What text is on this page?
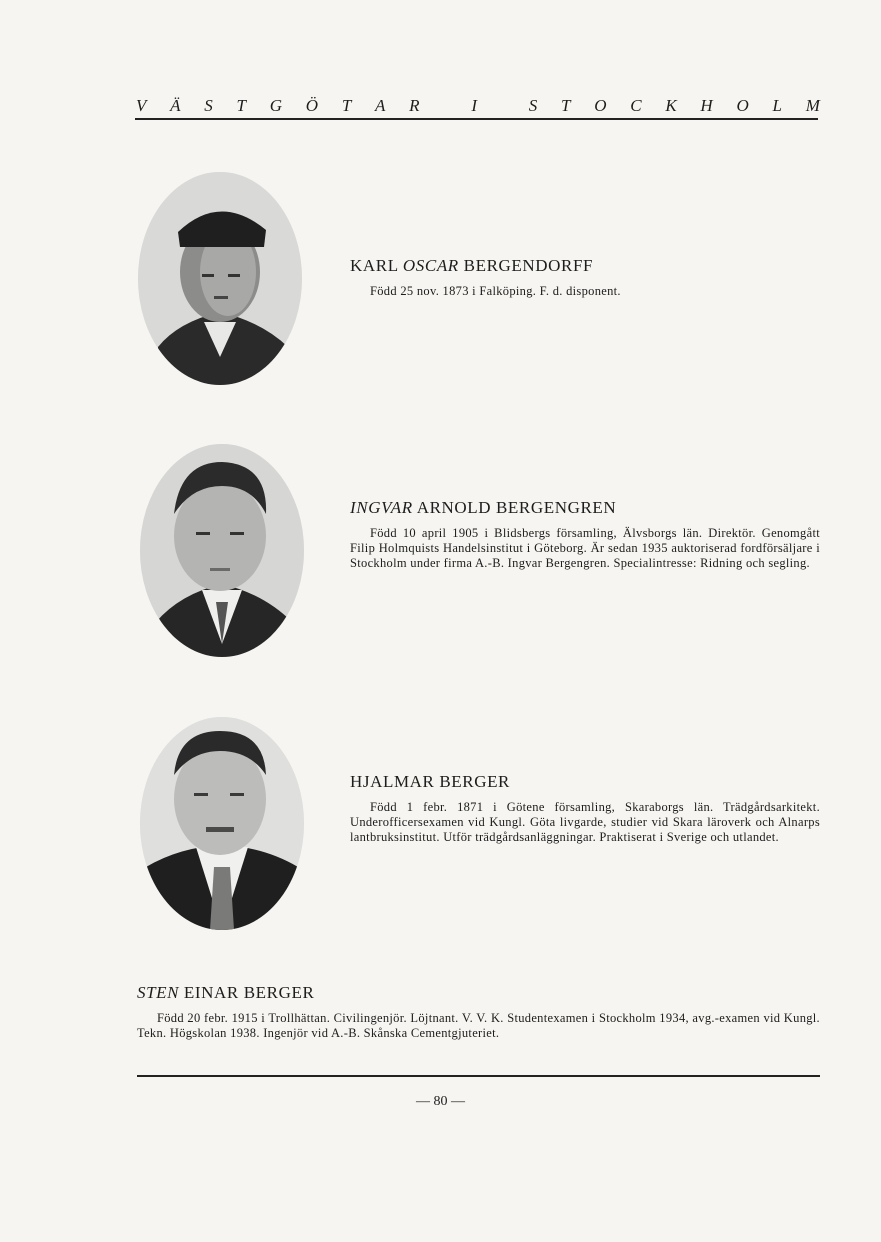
V Ä S T G Ö T A R
	I
	S T O C K H O L M

KARL OSCAR BERGENDORFF

Född 25 nov. 1873 i Falköping. F. d. disponent.

INGVAR ARNOLD BERGENGREN

Född 10 april 1905 i Blidsbergs församling, Älvsborgs län. Direktör. Genomgått Filip Holmquists Handelsinstitut i Göteborg. Är sedan 1935 auktoriserad fordförsäljare i Stockholm under firma A.-B. Ingvar Bergengren. Specialintresse: Ridning och segling.

HJALMAR BERGER

Född 1 febr. 1871 i Götene församling, Skaraborgs län. Trädgårdsarkitekt. Underofficersexamen vid Kungl. Göta livgarde, studier vid Skara läroverk och Alnarps lantbruksinstitut. Utför trädgårdsanläggningar. Praktiserat i Sverige och utlandet.

STEN EINAR BERGER

Född 20 febr. 1915 i Trollhättan. Civilingenjör. Löjtnant. V. V. K. Studentexamen i Stockholm 1934, avg.-examen vid Kungl. Tekn. Högskolan 1938. Ingenjör vid A.-B. Skånska Cementgjuteriet.

— 80 —
